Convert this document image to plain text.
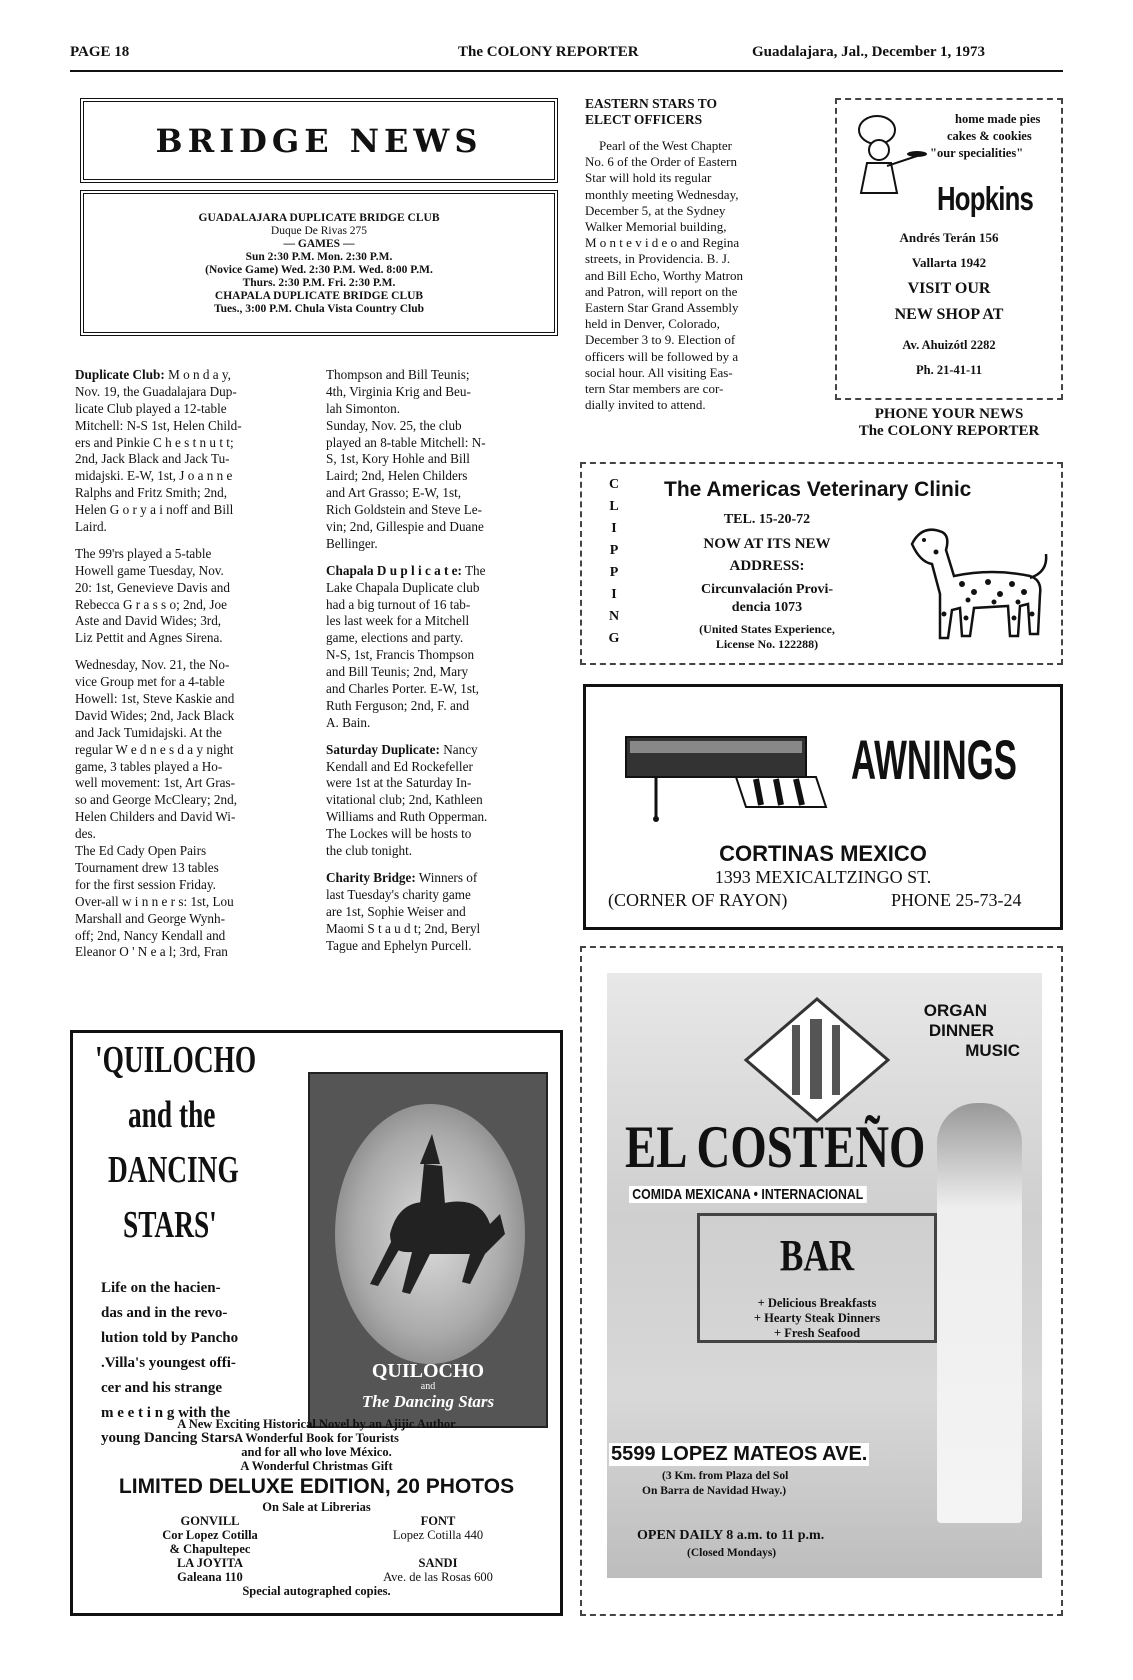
PAGE 18	The COLONY REPORTER	Guadalajara, Jal., December 1, 1973
BRIDGE NEWS
GUADALAJARA DUPLICATE BRIDGE CLUB
Duque De Rivas 275
— GAMES —
Sun 2:30 P.M. Mon. 2:30 P.M.
(Novice Game) Wed. 2:30 P.M. Wed. 8:00 P.M.
Thurs. 2:30 P.M. Fri. 2:30 P.M.
CHAPALA DUPLICATE BRIDGE CLUB
Tues., 3:00 P.M. Chula Vista Country Club
Duplicate Club: M o n d a y,
Nov. 19, the Guadalajara Dup-
licate Club played a 12-table
Mitchell: N-S 1st, Helen Child-
ers and Pinkie C h e s t n u t t;
2nd, Jack Black and Jack Tu-
midajski. E-W, 1st, J o a n n e
Ralphs and Fritz Smith; 2nd,
Helen G o r y a i noff and Bill
Laird.
The 99'rs played a 5-table
Howell game Tuesday, Nov.
20: 1st, Genevieve Davis and
Rebecca G r a s s o; 2nd, Joe
Aste and David Wides; 3rd,
Liz Pettit and Agnes Sirena.
Wednesday, Nov. 21, the No-
vice Group met for a 4-table
Howell: 1st, Steve Kaskie and
David Wides; 2nd, Jack Black
and Jack Tumidajski. At the
regular W e d n e s d a y night
game, 3 tables played a Ho-
well movement: 1st, Art Gras-
so and George McCleary; 2nd,
Helen Childers and David Wi-
des.
The Ed Cady Open Pairs
Tournament drew 13 tables
for the first session Friday.
Over-all w i n n e r s: 1st, Lou
Marshall and George Wynh-
off; 2nd, Nancy Kendall and
Eleanor O ' N e a l; 3rd, Fran
Thompson and Bill Teunis;
4th, Virginia Krig and Beu-
lah Simonton.
Sunday, Nov. 25, the club
played an 8-table Mitchell: N-
S, 1st, Kory Hohle and Bill
Laird; 2nd, Helen Childers
and Art Grasso; E-W, 1st,
Rich Goldstein and Steve Le-
vin; 2nd, Gillespie and Duane
Bellinger.
Chapala D u p l i c a t e: The
Lake Chapala Duplicate club
had a big turnout of 16 tab-
les last week for a Mitchell
game, elections and party.
N-S, 1st, Francis Thompson
and Bill Teunis; 2nd, Mary
and Charles Porter. E-W, 1st,
Ruth Ferguson; 2nd, F. and
A. Bain.
Saturday Duplicate: Nancy
Kendall and Ed Rockefeller
were 1st at the Saturday In-
vitational club; 2nd, Kathleen
Williams and Ruth Opperman.
The Lockes will be hosts to
the club tonight.
Charity Bridge: Winners of
last Tuesday's charity game
are 1st, Sophie Weiser and
Maomi S t a u d t; 2nd, Beryl
Tague and Ephelyn Purcell.
EASTERN STARS TO
ELECT OFFICERS
Pearl of the West Chapter
No. 6 of the Order of Eastern
Star will hold its regular
monthly meeting Wednesday,
December 5, at the Sydney
Walker Memorial building,
M o n t e v i d e o and Regina
streets, in Providencia. B. J.
and Bill Echo, Worthy Matron
and Patron, will report on the
Eastern Star Grand Assembly
held in Denver, Colorado,
December 3 to 9. Election of
officers will be followed by a
social hour. All visiting Eas-
tern Star members are cor-
dially invited to attend.
home made pies
cakes & cookies
"our specialities"
Hopkins
Andrés Terán 156
Vallarta 1942
VISIT OUR
NEW SHOP AT
Av. Ahuizótl 2282
Ph. 21-41-11
PHONE YOUR NEWS
The COLONY REPORTER
C
L
I
P
P
I
N
G
The Americas Veterinary Clinic
TEL. 15-20-72
NOW AT ITS NEW
ADDRESS:
Circunvalación Provi-
dencia 1073
(United States Experience,
License No. 122288)
AWNINGS
CORTINAS MEXICO
1393 MEXICALTZINGO ST.
(CORNER OF RAYON)	PHONE 25-73-24
ORGAN
DINNER
MUSIC
EL COSTEÑO
COMIDA MEXICANA • INTERNACIONAL
BAR
+ Delicious Breakfasts
+ Hearty Steak Dinners
+ Fresh Seafood
5599 LOPEZ MATEOS AVE.
(3 Km. from Plaza del Sol
On Barra de Navidad Hway.)
OPEN DAILY 8 a.m. to 11 p.m.
(Closed Mondays)
'QUILOCHO
and the
DANCING
STARS'
Life on the hacien-
das and in the revo-
lution told by Pancho
.Villa's youngest offi-
cer and his strange
m e e t i n g with the
young Dancing Stars.
QUILOCHO
and
The Dancing Stars
A New Exciting Historical Novel by an Ajijic Author
A Wonderful Book for Tourists
and for all who love México.
A Wonderful Christmas Gift
LIMITED DELUXE EDITION, 20 PHOTOS
On Sale at Librerias
GONVILL
Cor Lopez Cotilla
& Chapultepec
FONT
Lopez Cotilla 440
LA JOYITA
Galeana 110
SANDI
Ave. de las Rosas 600
Special autographed copies.
